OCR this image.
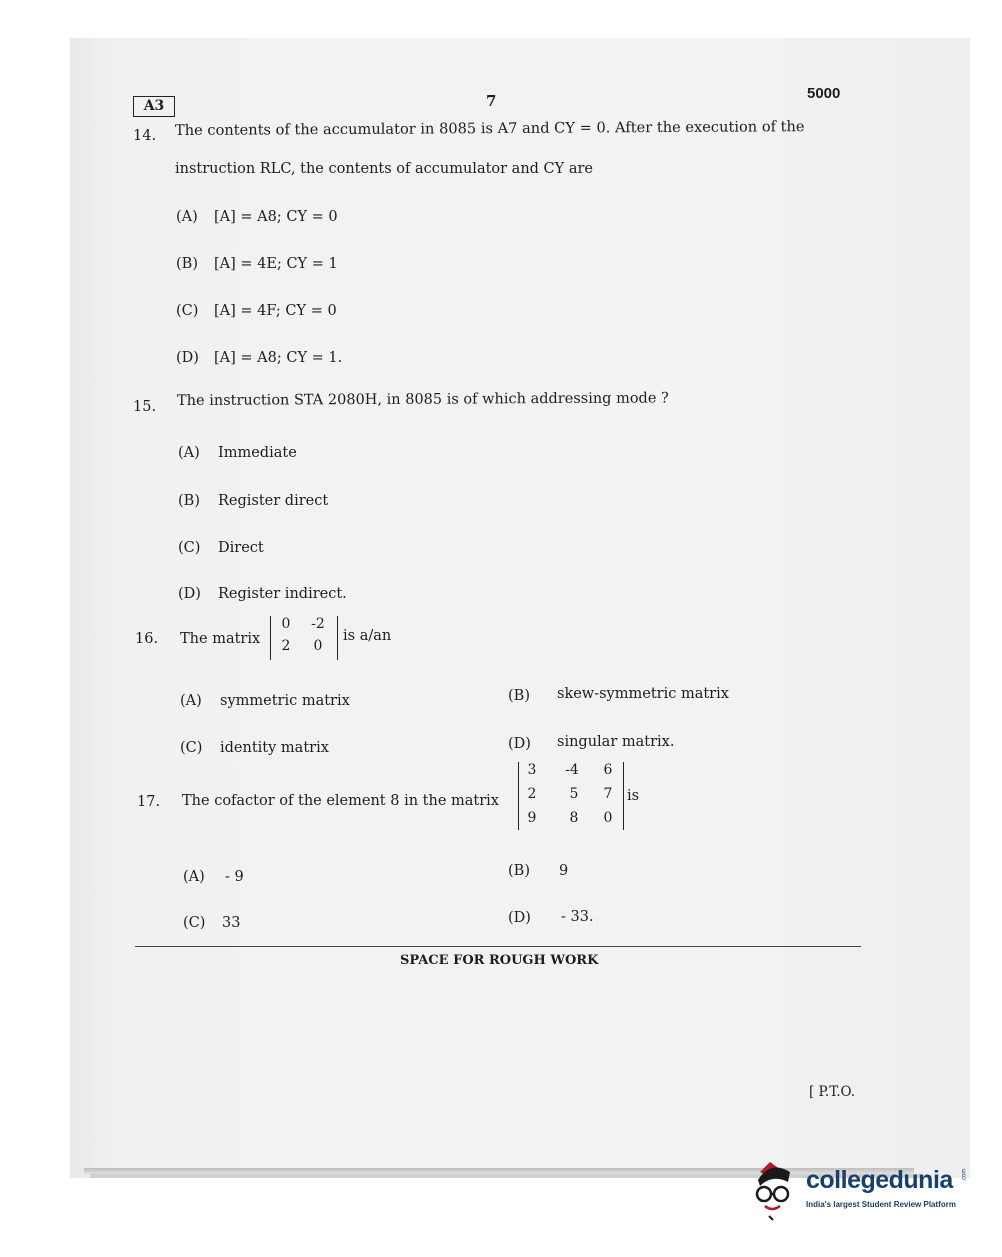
A3	7	5000
14. The contents of the accumulator in 8085 is A7 and CY = 0. After the execution of the
instruction RLC, the contents of accumulator and CY are
(A) [A] = A8; CY = 0
(B) [A] = 4E; CY = 1
(C) [A] = 4F; CY = 0
(D) [A] = A8; CY = 1.
15. The instruction STA 2080H, in 8085 is of which addressing mode ?
(A) Immediate
(B) Register direct
(C) Direct
(D) Register indirect.
16. The matrix
0	-2
2	0
is a/an
(A) symmetric matrix	(B) skew-symmetric matrix
(C) identity matrix	(D) singular matrix.
17. The cofactor of the element 8 in the matrix
3	-4	6
2	5	7
9	8	0
is
(A) - 9	(B) 9
(C) 33	(D) - 33.
SPACE FOR ROUGH WORK
[ P.T.O.
collegedunia
India's largest Student Review Platform
.com
